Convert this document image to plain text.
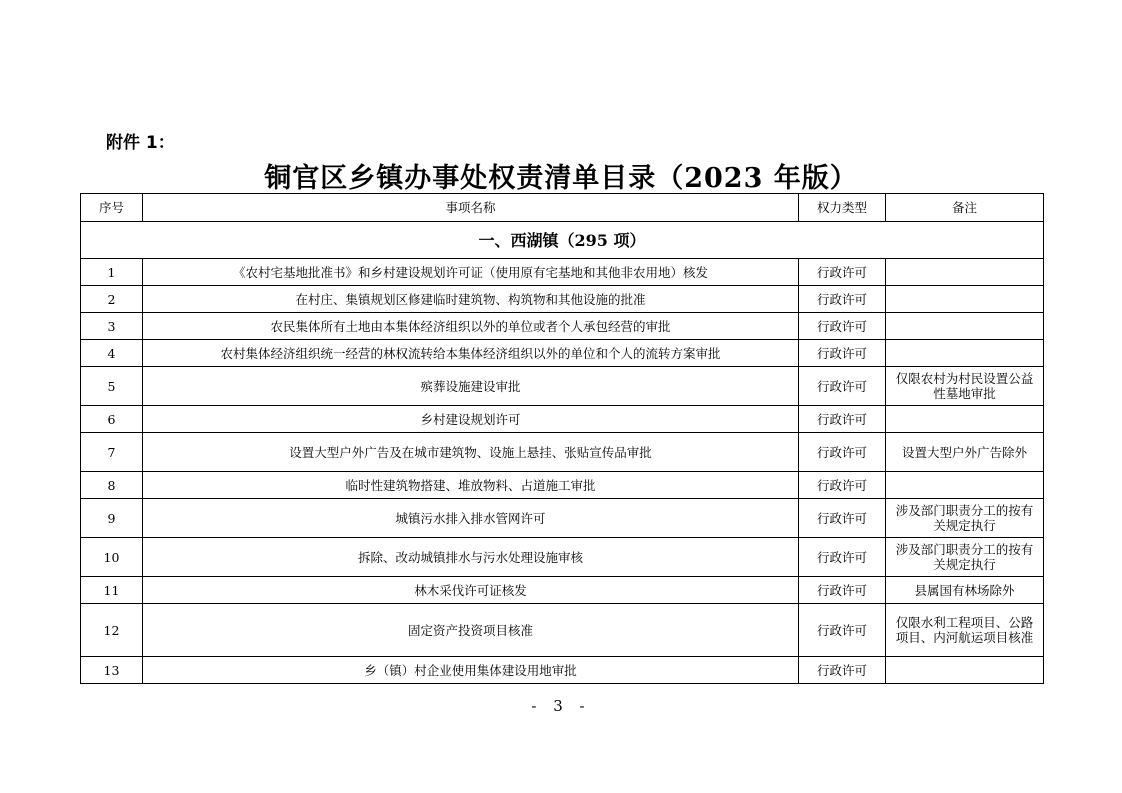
附件 1：
铜官区乡镇办事处权责清单目录（2023 年版）
序号	事项名称	权力类型	备注
一、西湖镇（295 项）			
1	《农村宅基地批准书》和乡村建设规划许可证（使用原有宅基地和其他非农用地）核发	行政许可	
2	在村庄、集镇规划区修建临时建筑物、构筑物和其他设施的批准	行政许可	
3	农民集体所有土地由本集体经济组织以外的单位或者个人承包经营的审批	行政许可	
4	农村集体经济组织统一经营的林权流转给本集体经济组织以外的单位和个人的流转方案审批	行政许可	
5	殡葬设施建设审批	行政许可	仅限农村为村民设置公益性墓地审批
6	乡村建设规划许可	行政许可	
7	设置大型户外广告及在城市建筑物、设施上悬挂、张贴宣传品审批	行政许可	设置大型户外广告除外
8	临时性建筑物搭建、堆放物料、占道施工审批	行政许可	
9	城镇污水排入排水管网许可	行政许可	涉及部门职责分工的按有关规定执行
10	拆除、改动城镇排水与污水处理设施审核	行政许可	涉及部门职责分工的按有关规定执行
11	林木采伐许可证核发	行政许可	县属国有林场除外
12	固定资产投资项目核准	行政许可	仅限水利工程项目、公路项目、内河航运项目核准
13	乡（镇）村企业使用集体建设用地审批	行政许可	
- 3 -
